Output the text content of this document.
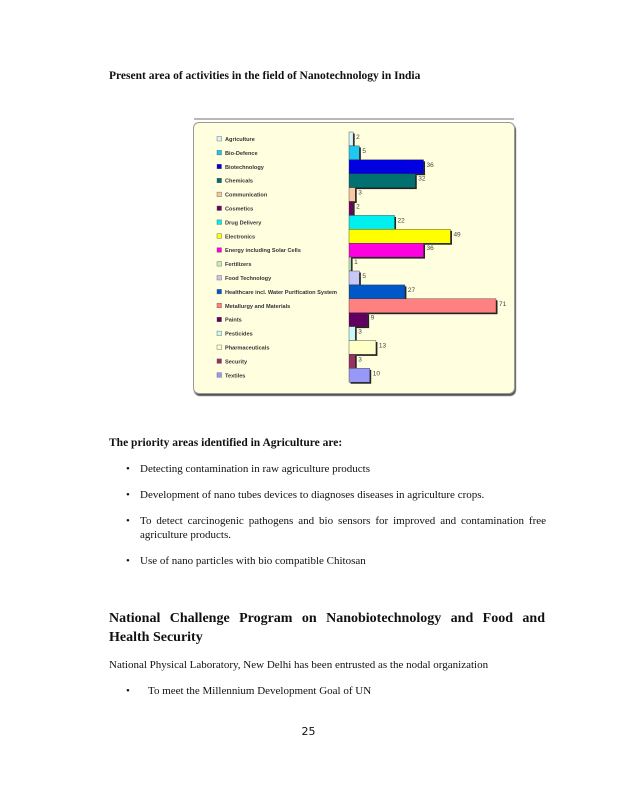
Present area of activities in the field of Nanotechnology in India
Agriculture	2
Bio-Defence	5
Biotechnology	36
Chemicals	32
Communication	3
Cosmetics	2
Drug Delivery	22
Electronics	49
Energy including Solar Cells	36
Fertilizers	1
Food Technology	5
Healthcare incl. Water Purification System	27
Metallurgy and Materials	71
Paints	9
Pesticides	3
Pharmaceuticals	13
Security	3
Textiles	10
The priority areas identified in Agriculture are:
• Detecting contamination in raw agriculture products
• Development of nano tubes devices to diagnoses diseases in agriculture crops.
• To detect carcinogenic pathogens and bio sensors for improved and contamination free agriculture products.
• Use of nano particles with bio compatible Chitosan
National Challenge Program on Nanobiotechnology and Food and Health Security
National Physical Laboratory, New Delhi has been entrusted as the nodal organization
• To meet the Millennium Development Goal of UN
25
